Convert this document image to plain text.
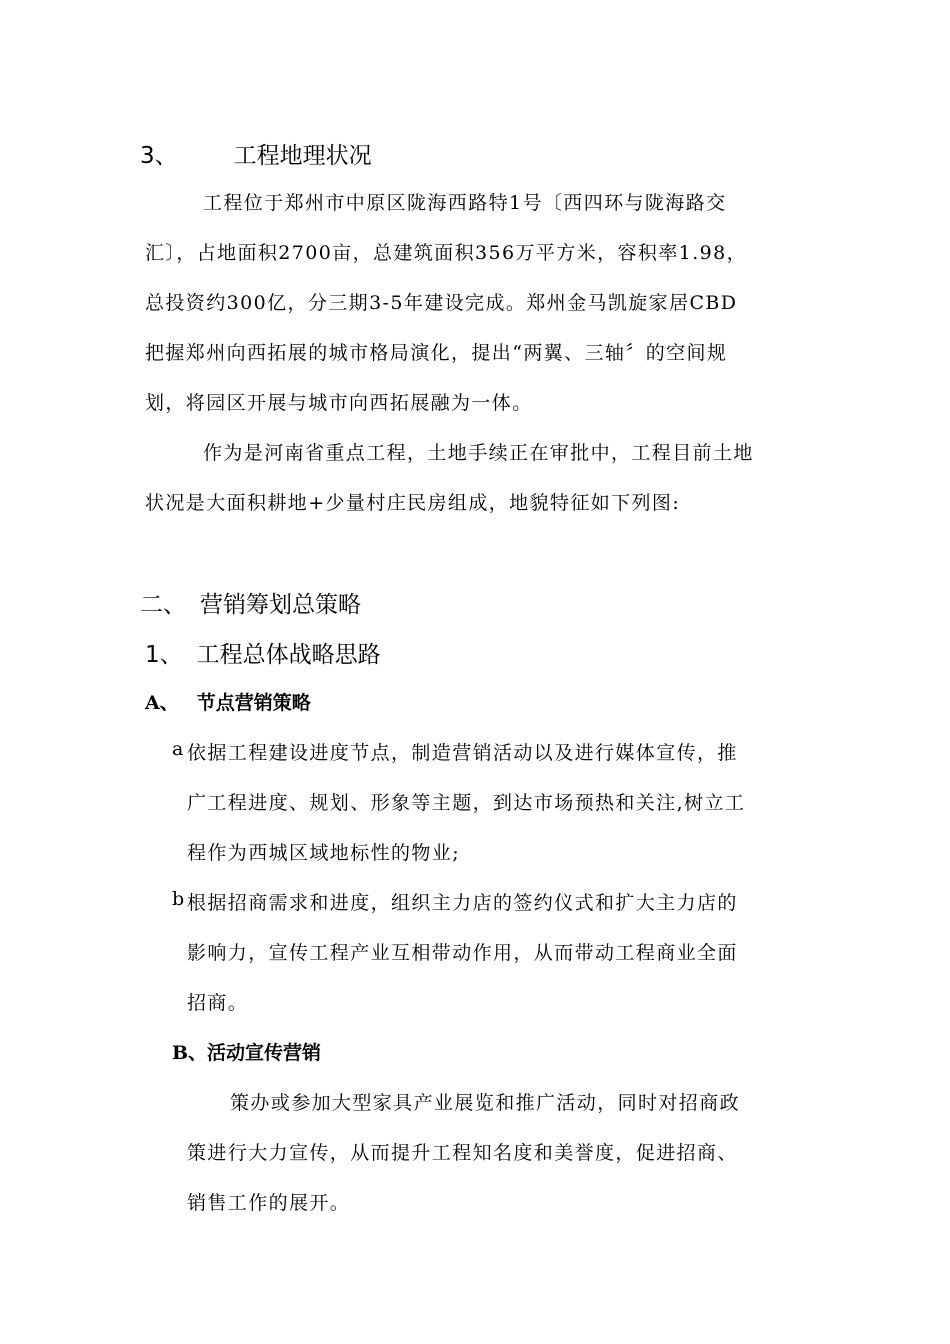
3、 工程地理状况
工程位于郑州市中原区陇海西路特1号〔西四环与陇海路交
汇〕，占地面积2700亩，总建筑面积356万平方米，容积率1.98，
总投资约300亿，分三期3-5年建设完成。郑州金马凯旋家居CBD
把握郑州向西拓展的城市格局演化，提出“两翼、三轴〞的空间规
划，将园区开展与城市向西拓展融为一体。
作为是河南省重点工程，土地手续正在审批中，工程目前土地
状况是大面积耕地+少量村庄民房组成，地貌特征如下列图:
二、 营销筹划总策略
1、 工程总体战略思路
A、 节点营销策略
a 依据工程建设进度节点，制造营销活动以及进行媒体宣传，推
广工程进度、规划、形象等主题，到达市场预热和关注,树立工
程作为西城区域地标性的物业;
b 根据招商需求和进度，组织主力店的签约仪式和扩大主力店的
影响力，宣传工程产业互相带动作用，从而带动工程商业全面
招商。
B、活动宣传营销
策办或参加大型家具产业展览和推广活动，同时对招商政
策进行大力宣传，从而提升工程知名度和美誉度，促进招商、
销售工作的展开。
